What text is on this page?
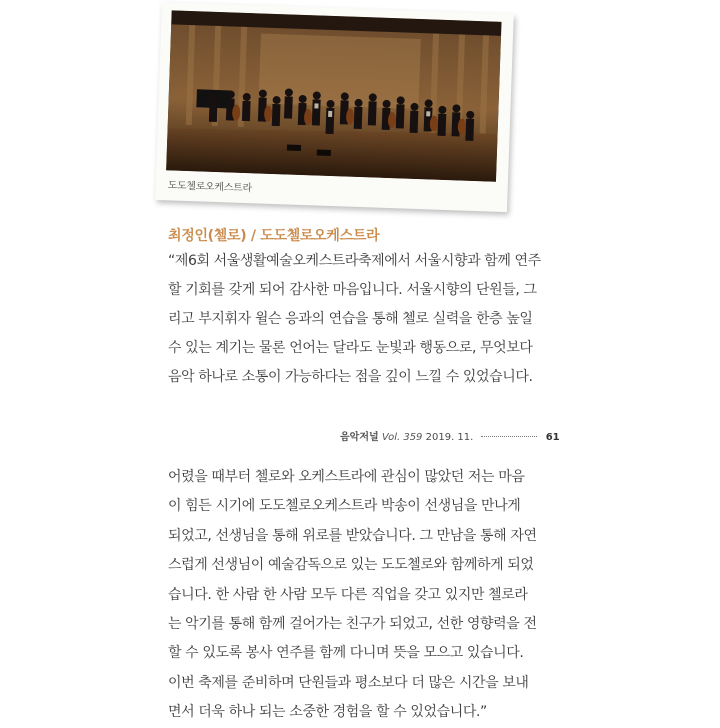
도도첼로오케스트라
최정인(첼로) / 도도첼로오케스트라
“제6회 서울생활예술오케스트라축제에서 서울시향과 함께 연주
할 기회를 갖게 되어 감사한 마음입니다. 서울시향의 단원들, 그
리고 부지휘자 윌슨 응과의 연습을 통해 첼로 실력을 한층 높일
수 있는 계기는 물론 언어는 달라도 눈빛과 행동으로, 무엇보다
음악 하나로 소통이 가능하다는 점을 깊이 느낄 수 있었습니다.
음악저널 Vol. 359 2019. 11.	61
어렸을 때부터 첼로와 오케스트라에 관심이 많았던 저는 마음
이 힘든 시기에 도도첼로오케스트라 박송이 선생님을 만나게
되었고, 선생님을 통해 위로를 받았습니다. 그 만남을 통해 자연
스럽게 선생님이 예술감독으로 있는 도도첼로와 함께하게 되었
습니다. 한 사람 한 사람 모두 다른 직업을 갖고 있지만 첼로라
는 악기를 통해 함께 걸어가는 친구가 되었고, 선한 영향력을 전
할 수 있도록 봉사 연주를 함께 다니며 뜻을 모으고 있습니다.
이번 축제를 준비하며 단원들과 평소보다 더 많은 시간을 보내
면서 더욱 하나 되는 소중한 경험을 할 수 있었습니다.”
